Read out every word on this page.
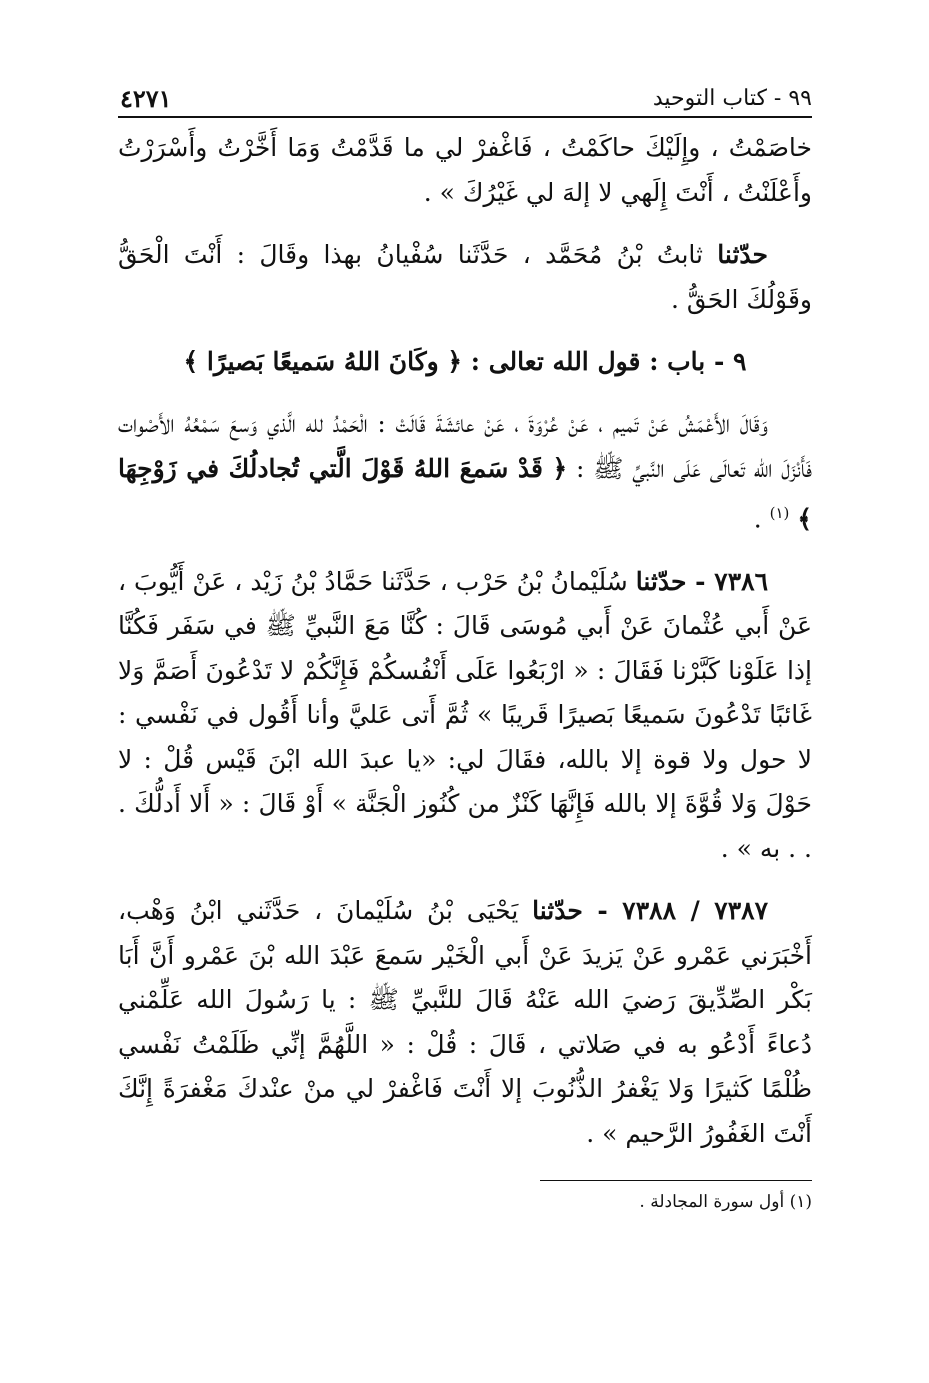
٩٩ - كتاب التوحيد
٤٢٧١

خاصَمْتُ ، وإِلَيْكَ حاكَمْتُ ، فَاغْفرْ لي ما قَدَّمْتُ وَمَا أَخَّرْتُ وأَسْرَرْتُ وأَعْلَنْتُ ، أَنْتَ إِلَهي لا إلهَ لي غَيْرُكَ » .

حدّثنا ثابتُ بْنُ مُحَمَّد ، حَدَّثَنا سُفْيانُ بهذا وقَالَ : أَنْتَ الْحَقُّ وقَوْلُكَ الحَقُّ .

٩ - باب : قول الله تعالى : ﴿ وكَانَ اللهُ سَميعًا بَصيرًا ﴾

وَقَالَ الأَعْمَشُ عَنْ تَميم ، عَنْ عُرْوَةَ ، عَنْ عائشَةَ قَالَتْ : الْحَمْدُ لله الَّذي وَسعَ سَمْعُهُ الأَصْوات فَأَنْزَلَ الله تَعالَى عَلَى النَّبيِّ ﷺ : ﴿ قَدْ سَمعَ اللهُ قَوْلَ الَّتي تُجادلُكَ في زَوْجِهَا ﴾ $^{(١)}$ .

٧٣٨٦ - حدّثنا سُلَيْمانُ بْنُ حَرْب ، حَدَّثَنا حَمَّادُ بْنُ زَيْد ، عَنْ أَيُّوبَ ، عَنْ أَبي عُثْمانَ عَنْ أَبي مُوسَى قَالَ : كُنَّا مَعَ النَّبيِّ ﷺ في سَفَر فَكُنَّا إذا عَلَوْنا كَبَّرْنا فَقَالَ : « ارْبَعُوا عَلَى أَنْفُسكُمْ فَإِنَّكُمْ لا تَدْعُونَ أَصَمَّ وَلا غَائبًا تَدْعُونَ سَميعًا بَصيرًا قَريبًا » ثُمَّ أَتى عَليَّ وأنا أَقُول في نَفْسي : لا حول ولا قوة إلا بالله، فقَالَ لي: «يا عبدَ الله ابْنَ قَيْس قُلْ : لا حَوْلَ وَلا قُوَّةَ إلا بالله فَإِنَّهَا كَنْزٌ من كُنُوز الْجَنَّة » أَوْ قَالَ : « أَلا أَدلُّكَ . . . به » .

٧٣٨٧ / ٧٣٨٨ - حدّثنا يَحْيَى بْنُ سُلَيْمانَ ، حَدَّثَني ابْنُ وَهْب، أَخْبَرَني عَمْرو عَنْ يَزيدَ عَنْ أَبي الْخَيْر سَمعَ عَبْدَ الله بْنَ عَمْرو أَنَّ أَبَا بَكْر الصِّدِّيقَ رَضيَ الله عَنْهُ قَالَ للنَّبيِّ ﷺ : يا رَسُولَ الله عَلِّمْني دُعاءً أَدْعُو به في صَلاتي ، قَالَ : قُلْ : « اللَّهُمَّ إنِّي ظَلَمْتُ نَفْسي ظُلْمًا كَثيرًا وَلا يَغْفرُ الذُّنُوبَ إلا أَنْتَ فَاغْفرْ لي منْ عنْدكَ مَغْفرَةً إِنَّكَ أَنْتَ الغَفُورُ الرَّحيم » .

(١) أول سورة المجادلة .
